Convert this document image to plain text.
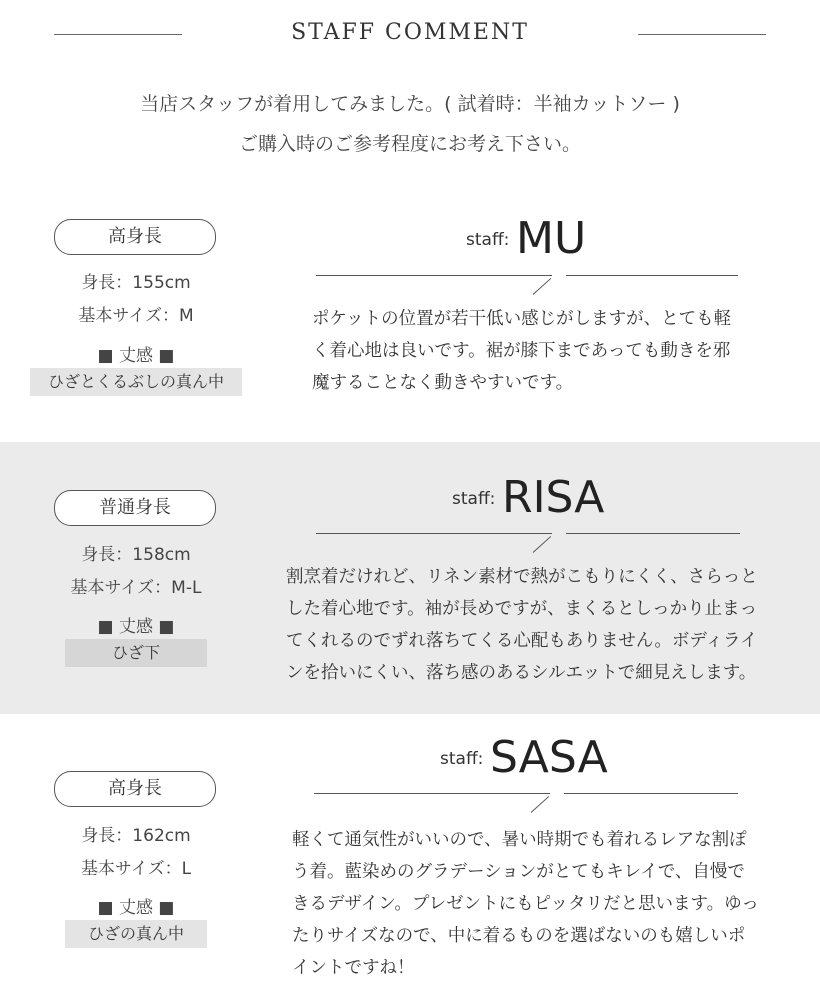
STAFF COMMENT

当店スタッフが着用してみました。( 試着時：半袖カットソー )

ご購入時のご参考程度にお考え下さい。

高身長
身長：155cm
基本サイズ：M
■ 丈感 ■
ひざとくるぶしの真ん中
staff: MU

ポケットの位置が若干低い感じがしますが、とても軽

く着心地は良いです。裾が膝下まであっても動きを邪

魔することなく動きやすいです。

普通身長
身長：158cm
基本サイズ：M-L
■ 丈感 ■
ひざ下
staff: RISA

割烹着だけれど、リネン素材で熱がこもりにくく、さらっと

した着心地です。袖が長めですが、まくるとしっかり止まっ

てくれるのでずれ落ちてくる心配もありません。ボディライ

ンを拾いにくい、落ち感のあるシルエットで細見えします。

高身長
身長：162cm
基本サイズ：L
■ 丈感 ■
ひざの真ん中
staff: SASA

軽くて通気性がいいので、暑い時期でも着れるレアな割ぽ

う着。藍染めのグラデーションがとてもキレイで、自慢で

きるデザイン。プレゼントにもピッタリだと思います。ゆっ

たりサイズなので、中に着るものを選ばないのも嬉しいポ

イントですね！
